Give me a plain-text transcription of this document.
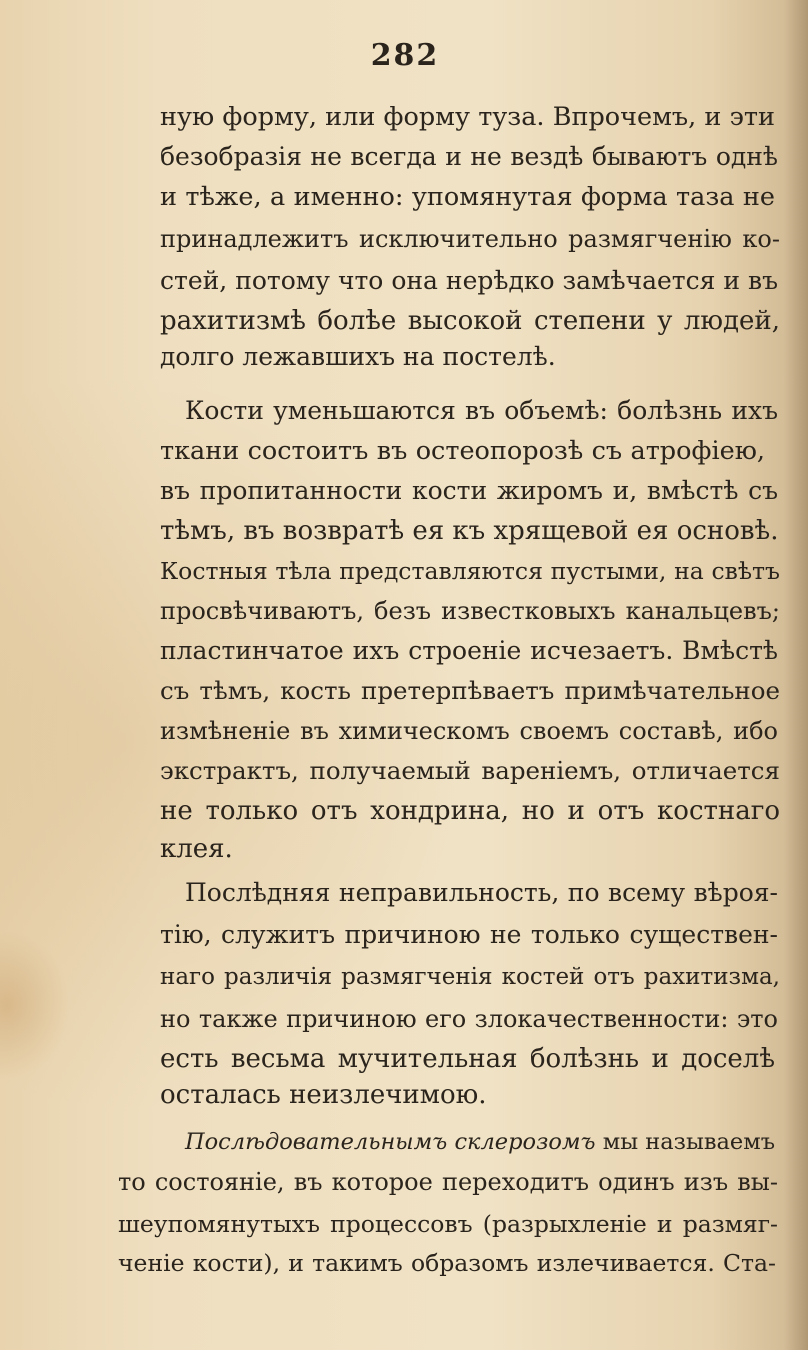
282
ную форму, или форму туза. Впрочемъ, и эти
безобразія не всегда и не вездѣ бываютъ однѣ
и тѣже, а именно: упомянутая форма таза не
принадлежитъ исключительно размягченію ко-
стей, потому что она нерѣдко замѣчается и въ
рахитизмѣ болѣе высокой степени у людей,
долго лежавшихъ на постелѣ.
Кости уменьшаются въ объемѣ: болѣзнь ихъ
ткани состоитъ въ остеопорозѣ съ атрофіею,
въ пропитанности кости жиромъ и, вмѣстѣ съ
тѣмъ, въ возвратѣ ея къ хрящевой ея основѣ.
Костныя тѣла представляются пустыми, на свѣтъ
просвѣчиваютъ, безъ известковыхъ канальцевъ;
пластинчатое ихъ строеніе исчезаетъ. Вмѣстѣ
съ тѣмъ, кость претерпѣваетъ примѣчательное
измѣненіе въ химическомъ своемъ составѣ, ибо
экстрактъ, получаемый вареніемъ, отличается
не только отъ хондрина, но и отъ костнаго
клея.
Послѣдняя неправильность, по всему вѣроя-
тію, служитъ причиною не только существен-
наго различія размягченія костей отъ рахитизма,
но также причиною его злокачественности: это
есть весьма мучительная болѣзнь и доселѣ
осталась неизлечимою.
Послѣдовательнымъ склерозомъ мы называемъ
то состояніе, въ которое переходитъ одинъ изъ вы-
шеупомянутыхъ процессовъ (разрыхленіе и размяг-
ченіе кости), и такимъ образомъ излечивается. Ста-
